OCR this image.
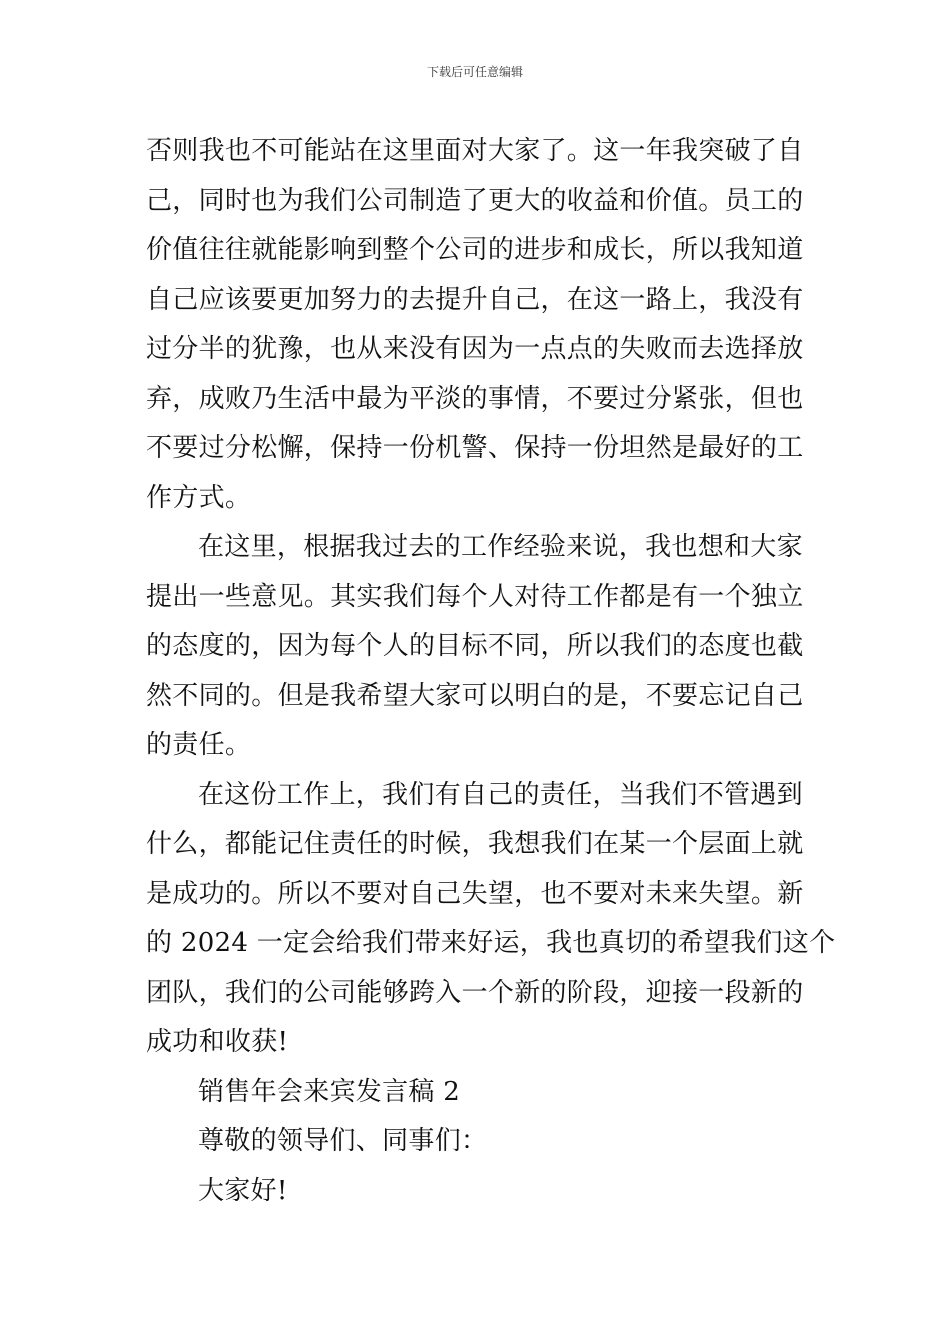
下载后可任意编辑
否则我也不可能站在这里面对大家了。这一年我突破了自
己，同时也为我们公司制造了更大的收益和价值。员工的
价值往往就能影响到整个公司的进步和成长，所以我知道
自己应该要更加努力的去提升自己，在这一路上，我没有
过分半的犹豫，也从来没有因为一点点的失败而去选择放
弃，成败乃生活中最为平淡的事情，不要过分紧张，但也
不要过分松懈，保持一份机警、保持一份坦然是最好的工
作方式。
在这里，根据我过去的工作经验来说，我也想和大家
提出一些意见。其实我们每个人对待工作都是有一个独立
的态度的，因为每个人的目标不同，所以我们的态度也截
然不同的。但是我希望大家可以明白的是，不要忘记自己
的责任。
在这份工作上，我们有自己的责任，当我们不管遇到
什么，都能记住责任的时候，我想我们在某一个层面上就
是成功的。所以不要对自己失望，也不要对未来失望。新
的 2024 一定会给我们带来好运，我也真切的希望我们这个
团队，我们的公司能够跨入一个新的阶段，迎接一段新的
成功和收获!
销售年会来宾发言稿 2
尊敬的领导们、同事们：
大家好!
